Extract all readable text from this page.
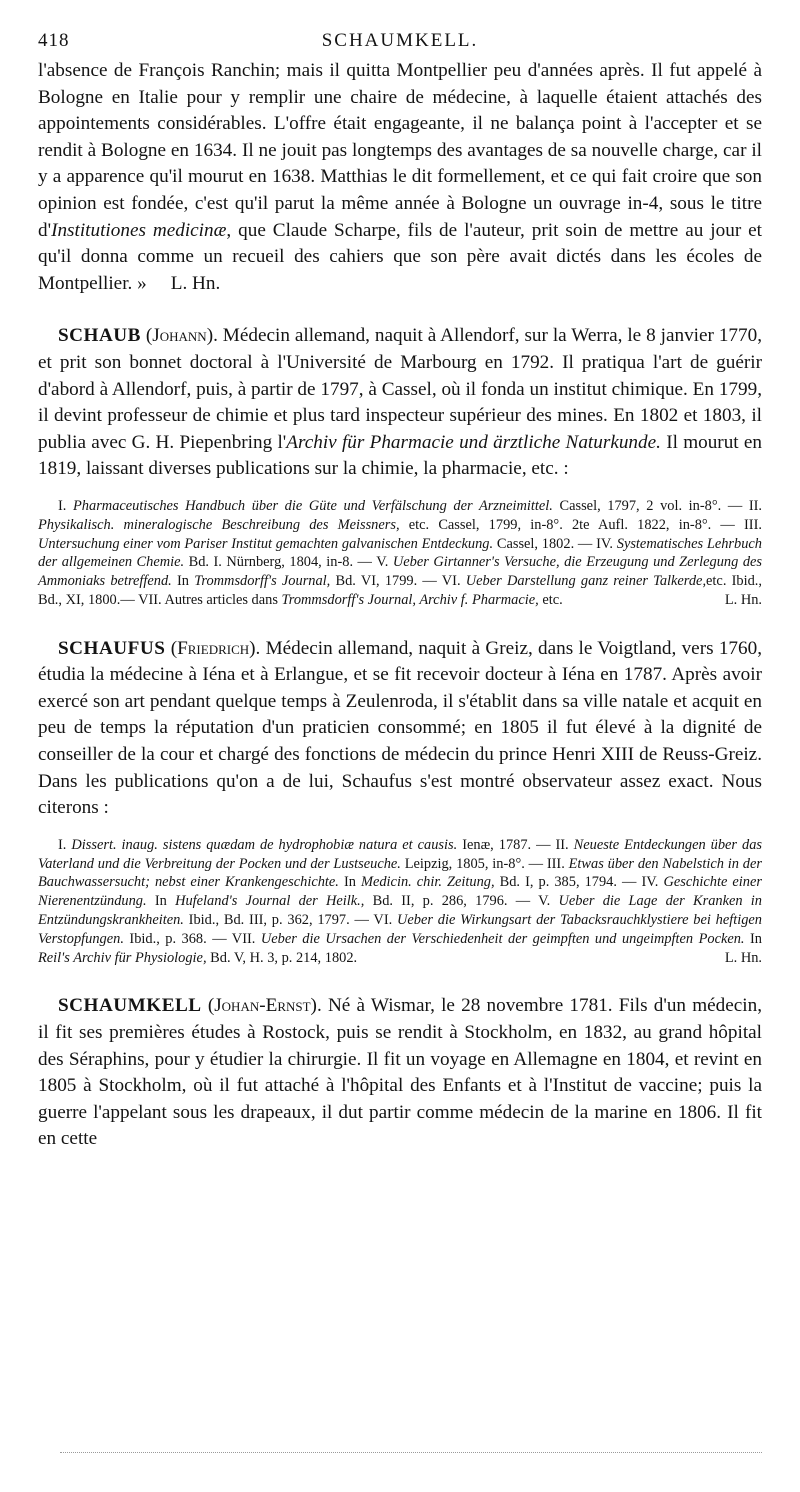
418	SCHAUMKELL.

l'absence de François Ranchin; mais il quitta Montpellier peu d'années après. Il fut appelé à Bologne en Italie pour y remplir une chaire de médecine, à laquelle étaient attachés des appointements considérables. L'offre était engageante, il ne balança point à l'accepter et se rendit à Bologne en 1634. Il ne jouit pas longtemps des avantages de sa nouvelle charge, car il y a apparence qu'il mourut en 1638. Matthias le dit formellement, et ce qui fait croire que son opinion est fondée, c'est qu'il parut la même année à Bologne un ouvrage in-4, sous le titre d'Institutiones medicinæ, que Claude Scharpe, fils de l'auteur, prit soin de mettre au jour et qu'il donna comme un recueil des cahiers que son père avait dictés dans les écoles de Montpellier. » L. Hn.

SCHAUB (Johann). Médecin allemand, naquit à Allendorf, sur la Werra, le 8 janvier 1770, et prit son bonnet doctoral à l'Université de Marbourg en 1792. Il pratiqua l'art de guérir d'abord à Allendorf, puis, à partir de 1797, à Cassel, où il fonda un institut chimique. En 1799, il devint professeur de chimie et plus tard inspecteur supérieur des mines. En 1802 et 1803, il publia avec G. H. Piepenbring l'Archiv für Pharmacie und ärztliche Naturkunde. Il mourut en 1819, laissant diverses publications sur la chimie, la pharmacie, etc. :

I. Pharmaceutisches Handbuch über die Güte und Verfälschung der Arzneimittel. Cassel, 1797, 2 vol. in-8°. — II. Physikalisch. mineralogische Beschreibung des Meissners, etc. Cassel, 1799, in-8°. 2te Aufl. 1822, in-8°. — III. Untersuchung einer vom Pariser Institut gemachten galvanischen Entdeckung. Cassel, 1802. — IV. Systematisches Lehrbuch der allgemeinen Chemie. Bd. I. Nürnberg, 1804, in-8. — V. Ueber Girtanner's Versuche, die Erzeugung und Zerlegung des Ammoniaks betreffend. In Trommsdorff's Journal, Bd. VI, 1799. — VI. Ueber Darstellung ganz reiner Talkerde,etc. Ibid., Bd., XI, 1800.— VII. Autres articles dans Trommsdorff's Journal, Archiv f. Pharmacie, etc.	L. Hn.

SCHAUFUS (Friedrich). Médecin allemand, naquit à Greiz, dans le Voigtland, vers 1760, étudia la médecine à Iéna et à Erlangue, et se fit recevoir docteur à Iéna en 1787. Après avoir exercé son art pendant quelque temps à Zeulenroda, il s'établit dans sa ville natale et acquit en peu de temps la réputation d'un praticien consommé; en 1805 il fut élevé à la dignité de conseiller de la cour et chargé des fonctions de médecin du prince Henri XIII de Reuss-Greiz. Dans les publications qu'on a de lui, Schaufus s'est montré observateur assez exact. Nous citerons :

I. Dissert. inaug. sistens quædam de hydrophobiæ natura et causis. Ienæ, 1787. — II. Neueste Entdeckungen über das Vaterland und die Verbreitung der Pocken und der Lustseuche. Leipzig, 1805, in-8°. — III. Etwas über den Nabelstich in der Bauchwassersucht; nebst einer Krankengeschichte. In Medicin. chir. Zeitung, Bd. I, p. 385, 1794. — IV. Geschichte einer Nierenentzündung. In Hufeland's Journal der Heilk., Bd. II, p. 286, 1796. — V. Ueber die Lage der Kranken in Entzündungskrankheiten. Ibid., Bd. III, p. 362, 1797. — VI. Ueber die Wirkungsart der Tabacksrauchklystiere bei heftigen Verstopfungen. Ibid., p. 368. — VII. Ueber die Ursachen der Verschiedenheit der geimpften und ungeimpften Pocken. In Reil's Archiv für Physiologie, Bd. V, H. 3, p. 214, 1802.	L. Hn.

SCHAUMKELL (Johan-Ernst). Né à Wismar, le 28 novembre 1781. Fils d'un médecin, il fit ses premières études à Rostock, puis se rendit à Stockholm, en 1832, au grand hôpital des Séraphins, pour y étudier la chirurgie. Il fit un voyage en Allemagne en 1804, et revint en 1805 à Stockholm, où il fut attaché à l'hôpital des Enfants et à l'Institut de vaccine; puis la guerre l'appelant sous les drapeaux, il dut partir comme médecin de la marine en 1806. Il fit en cette
